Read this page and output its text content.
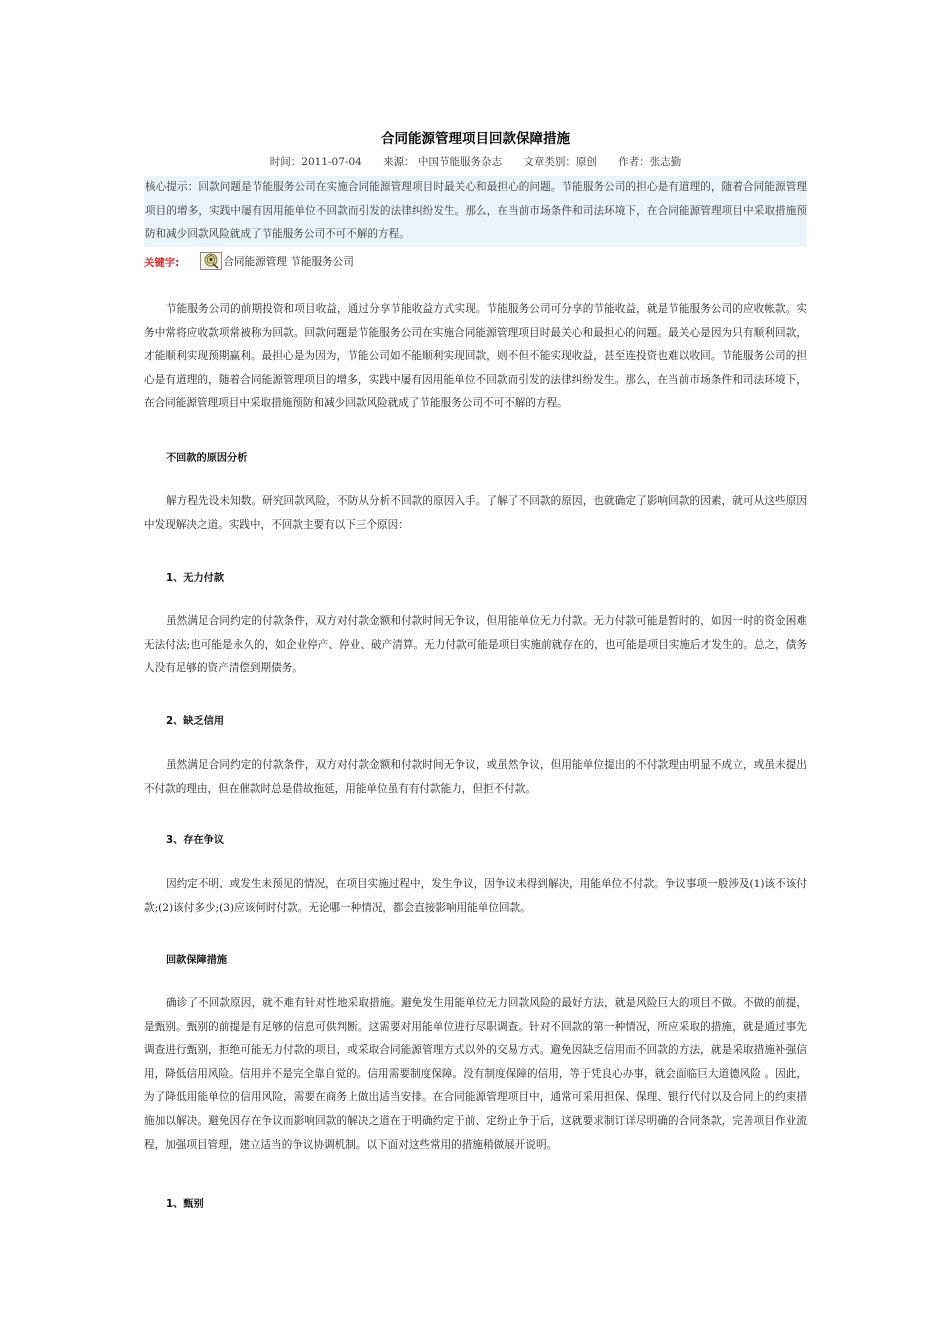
合同能源管理项目回款保障措施
时间：2011-07-04 来源： 中国节能服务杂志 文章类别：原创 作者：张志勤
核心提示：回款问题是节能服务公司在实施合同能源管理项目时最关心和最担心的问题。节能服务公司的担心是有道理的，随着合同能源管理项目的增多，实践中屡有因用能单位不回款而引发的法律纠纷发生。那么，在当前市场条件和司法环境下，在合同能源管理项目中采取措施预防和减少回款风险就成了节能服务公司不可不解的方程。
关键字:	合同能源管理 节能服务公司
节能服务公司的前期投资和项目收益，通过分享节能收益方式实现。节能服务公司可分享的节能收益，就是节能服务公司的应收帐款。实务中常将应收款项常被称为回款。回款问题是节能服务公司在实施合同能源管理项目时最关心和最担心的问题。最关心是因为只有顺利回款，才能顺利实现预期赢利。最担心是为因为，节能公司如不能顺利实现回款，则不但不能实现收益，甚至连投资也难以收回。节能服务公司的担心是有道理的，随着合同能源管理项目的增多，实践中屡有因用能单位不回款而引发的法律纠纷发生。那么，在当前市场条件和司法环境下，在合同能源管理项目中采取措施预防和减少回款风险就成了节能服务公司不可不解的方程。
不回款的原因分析
解方程先设未知数。研究回款风险，不防从分析不回款的原因入手。了解了不回款的原因，也就确定了影响回款的因素，就可从这些原因中发现解决之道。实践中，不回款主要有以下三个原因：
1、无力付款
虽然满足合同约定的付款条件，双方对付款金额和付款时间无争议，但用能单位无力付款。无力付款可能是暂时的，如因一时的资金困难无法付法;也可能是永久的，如企业停产、停业、破产清算。无力付款可能是项目实施前就存在的，也可能是项目实施后才发生的。总之，债务人没有足够的资产清偿到期债务。
2、缺乏信用
虽然满足合同约定的付款条件，双方对付款金额和付款时间无争议，或虽然争议，但用能单位提出的不付款理由明显不成立，或虽未提出不付款的理由，但在催款时总是借故拖延，用能单位虽有有付款能力，但拒不付款。
3、存在争议
因约定不明、或发生未预见的情况，在项目实施过程中，发生争议，因争议未得到解决，用能单位不付款。争议事项一般涉及(1)该不该付款;(2)该付多少;(3)应该何时付款。无论哪一种情况，都会直接影响用能单位回款。
回款保障措施
确诊了不回款原因，就不难有针对性地采取措施。避免发生用能单位无力回款风险的最好方法，就是风险巨大的项目不做。不做的前提，是甄别。甄别的前提是有足够的信息可供判断。这需要对用能单位进行尽职调查。针对不回款的第一种情况，所应采取的措施，就是通过事先调查进行甄别，拒绝可能无力付款的项目，或采取合同能源管理方式以外的交易方式。避免因缺乏信用而不回款的方法，就是采取措施补强信用，降低信用风险。信用并不是完全靠自觉的。信用需要制度保障。没有制度保障的信用，等于凭良心办事，就会面临巨大道德风险 。因此，为了降低用能单位的信用风险，需要在商务上做出适当安排。在合同能源管理项目中，通常可采用担保、保理、银行代付以及合同上的约束措施加以解决。避免因存在争议而影响回款的解决之道在于明确约定于前、定纷止争于后，这就要求制订详尽明确的合同条款，完善项目作业流程，加强项目管理，建立适当的争议协调机制。以下面对这些常用的措施稍做展开说明。
1、甄别
